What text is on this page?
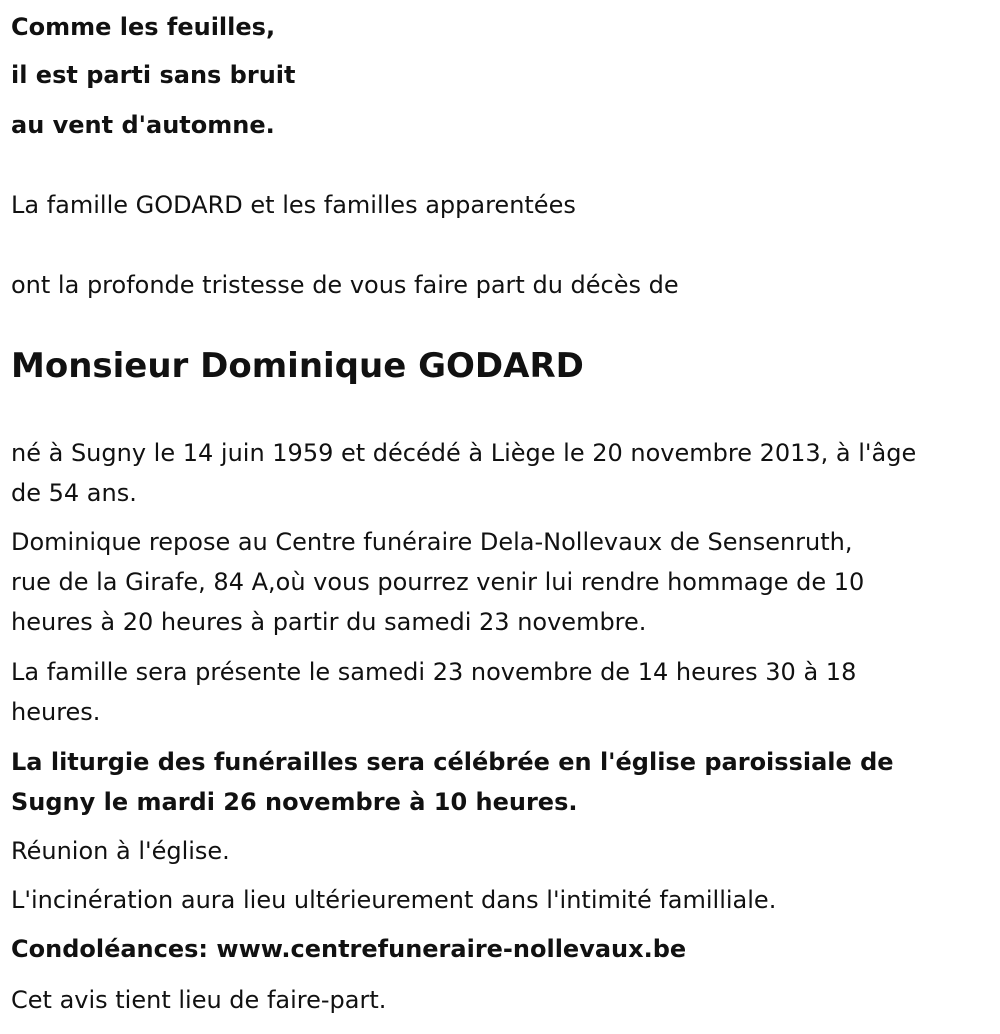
Comme les feuilles,

il est parti sans bruit

au vent d'automne.

La famille GODARD et les familles apparentées

ont la profonde tristesse de vous faire part du décès de

Monsieur Dominique GODARD

né à Sugny le 14 juin 1959 et décédé à Liège le 20 novembre 2013, à l'âge

de 54 ans.

Dominique repose au Centre funéraire Dela-Nollevaux de Sensenruth,

rue de la Girafe, 84 A,où vous pourrez venir lui rendre hommage de 10

heures à 20 heures à partir du samedi 23 novembre.

La famille sera présente le samedi 23 novembre de 14 heures 30 à 18

heures.

La liturgie des funérailles sera célébrée en l'église paroissiale de

Sugny le mardi 26 novembre à 10 heures.

Réunion à l'église.

L'incinération aura lieu ultérieurement dans l'intimité familliale.

Condoléances: www.centrefuneraire-nollevaux.be

Cet avis tient lieu de faire-part.
